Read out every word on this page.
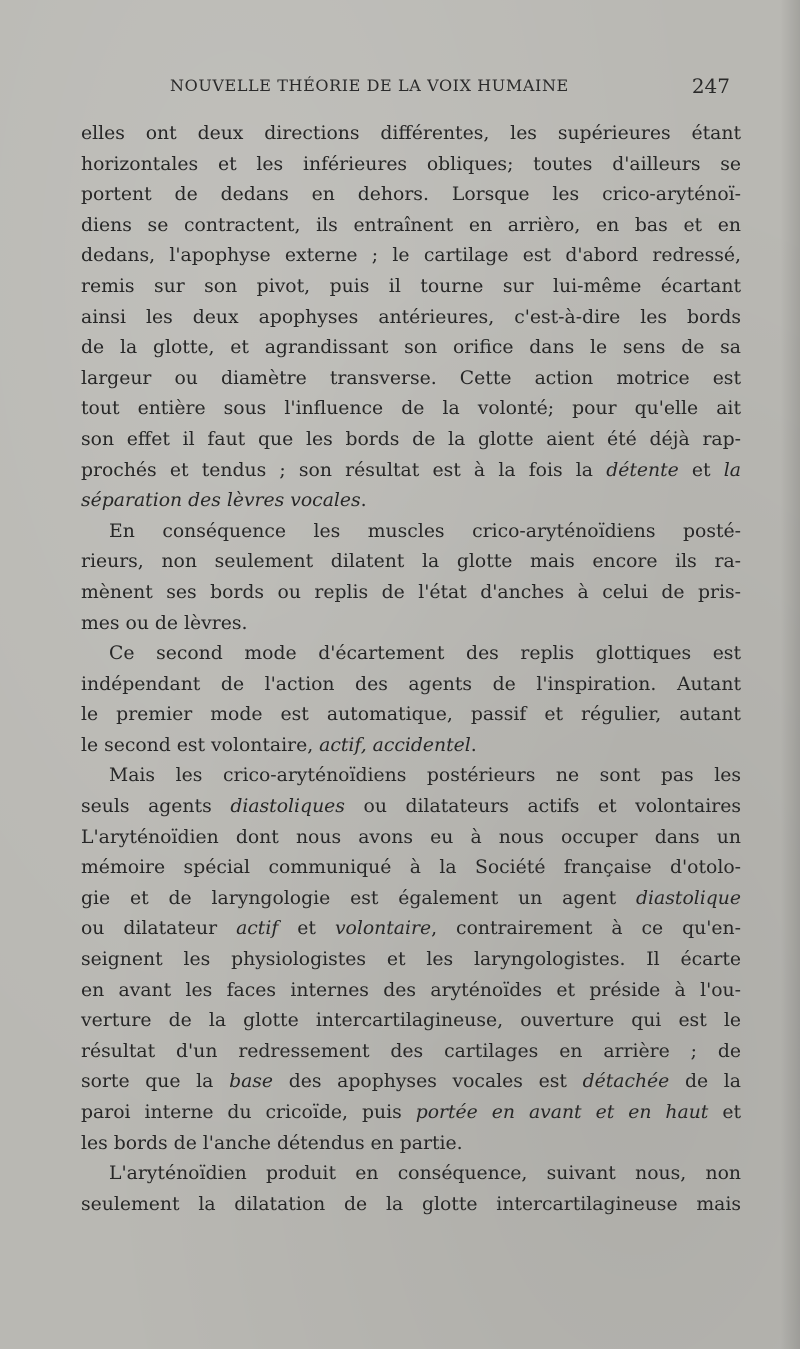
NOUVELLE THÉORIE DE LA VOIX HUMAINE	247
elles ont deux directions différentes, les supérieures étant
horizontales et les inférieures obliques; toutes d'ailleurs se
portent de dedans en dehors. Lorsque les crico-aryténoï-
diens se contractent, ils entraînent en arrièro, en bas et en
dedans, l'apophyse externe ; le cartilage est d'abord redressé,
remis sur son pivot, puis il tourne sur lui-même écartant
ainsi les deux apophyses antérieures, c'est-à-dire les bords
de la glotte, et agrandissant son orifice dans le sens de sa
largeur ou diamètre transverse. Cette action motrice est
tout entière sous l'influence de la volonté; pour qu'elle ait
son effet il faut que les bords de la glotte aient été déjà rap-
prochés et tendus ; son résultat est à la fois la détente et la
séparation des lèvres vocales.
En conséquence les muscles crico-aryténoïdiens posté-
rieurs, non seulement dilatent la glotte mais encore ils ra-
mènent ses bords ou replis de l'état d'anches à celui de pris-
mes ou de lèvres.
Ce second mode d'écartement des replis glottiques est
indépendant de l'action des agents de l'inspiration. Autant
le premier mode est automatique, passif et régulier, autant
le second est volontaire, actif, accidentel.
Mais les crico-aryténoïdiens postérieurs ne sont pas les
seuls agents diastoliques ou dilatateurs actifs et volontaires
L'aryténoïdien dont nous avons eu à nous occuper dans un
mémoire spécial communiqué à la Société française d'otolo-
gie et de laryngologie est également un agent diastolique
ou dilatateur actif et volontaire, contrairement à ce qu'en-
seignent les physiologistes et les laryngologistes. Il écarte
en avant les faces internes des aryténoïdes et préside à l'ou-
verture de la glotte intercartilagineuse, ouverture qui est le
résultat d'un redressement des cartilages en arrière ; de
sorte que la base des apophyses vocales est détachée de la
paroi interne du cricoïde, puis portée en avant et en haut et
les bords de l'anche détendus en partie.
L'aryténoïdien produit en conséquence, suivant nous, non
seulement la dilatation de la glotte intercartilagineuse mais
